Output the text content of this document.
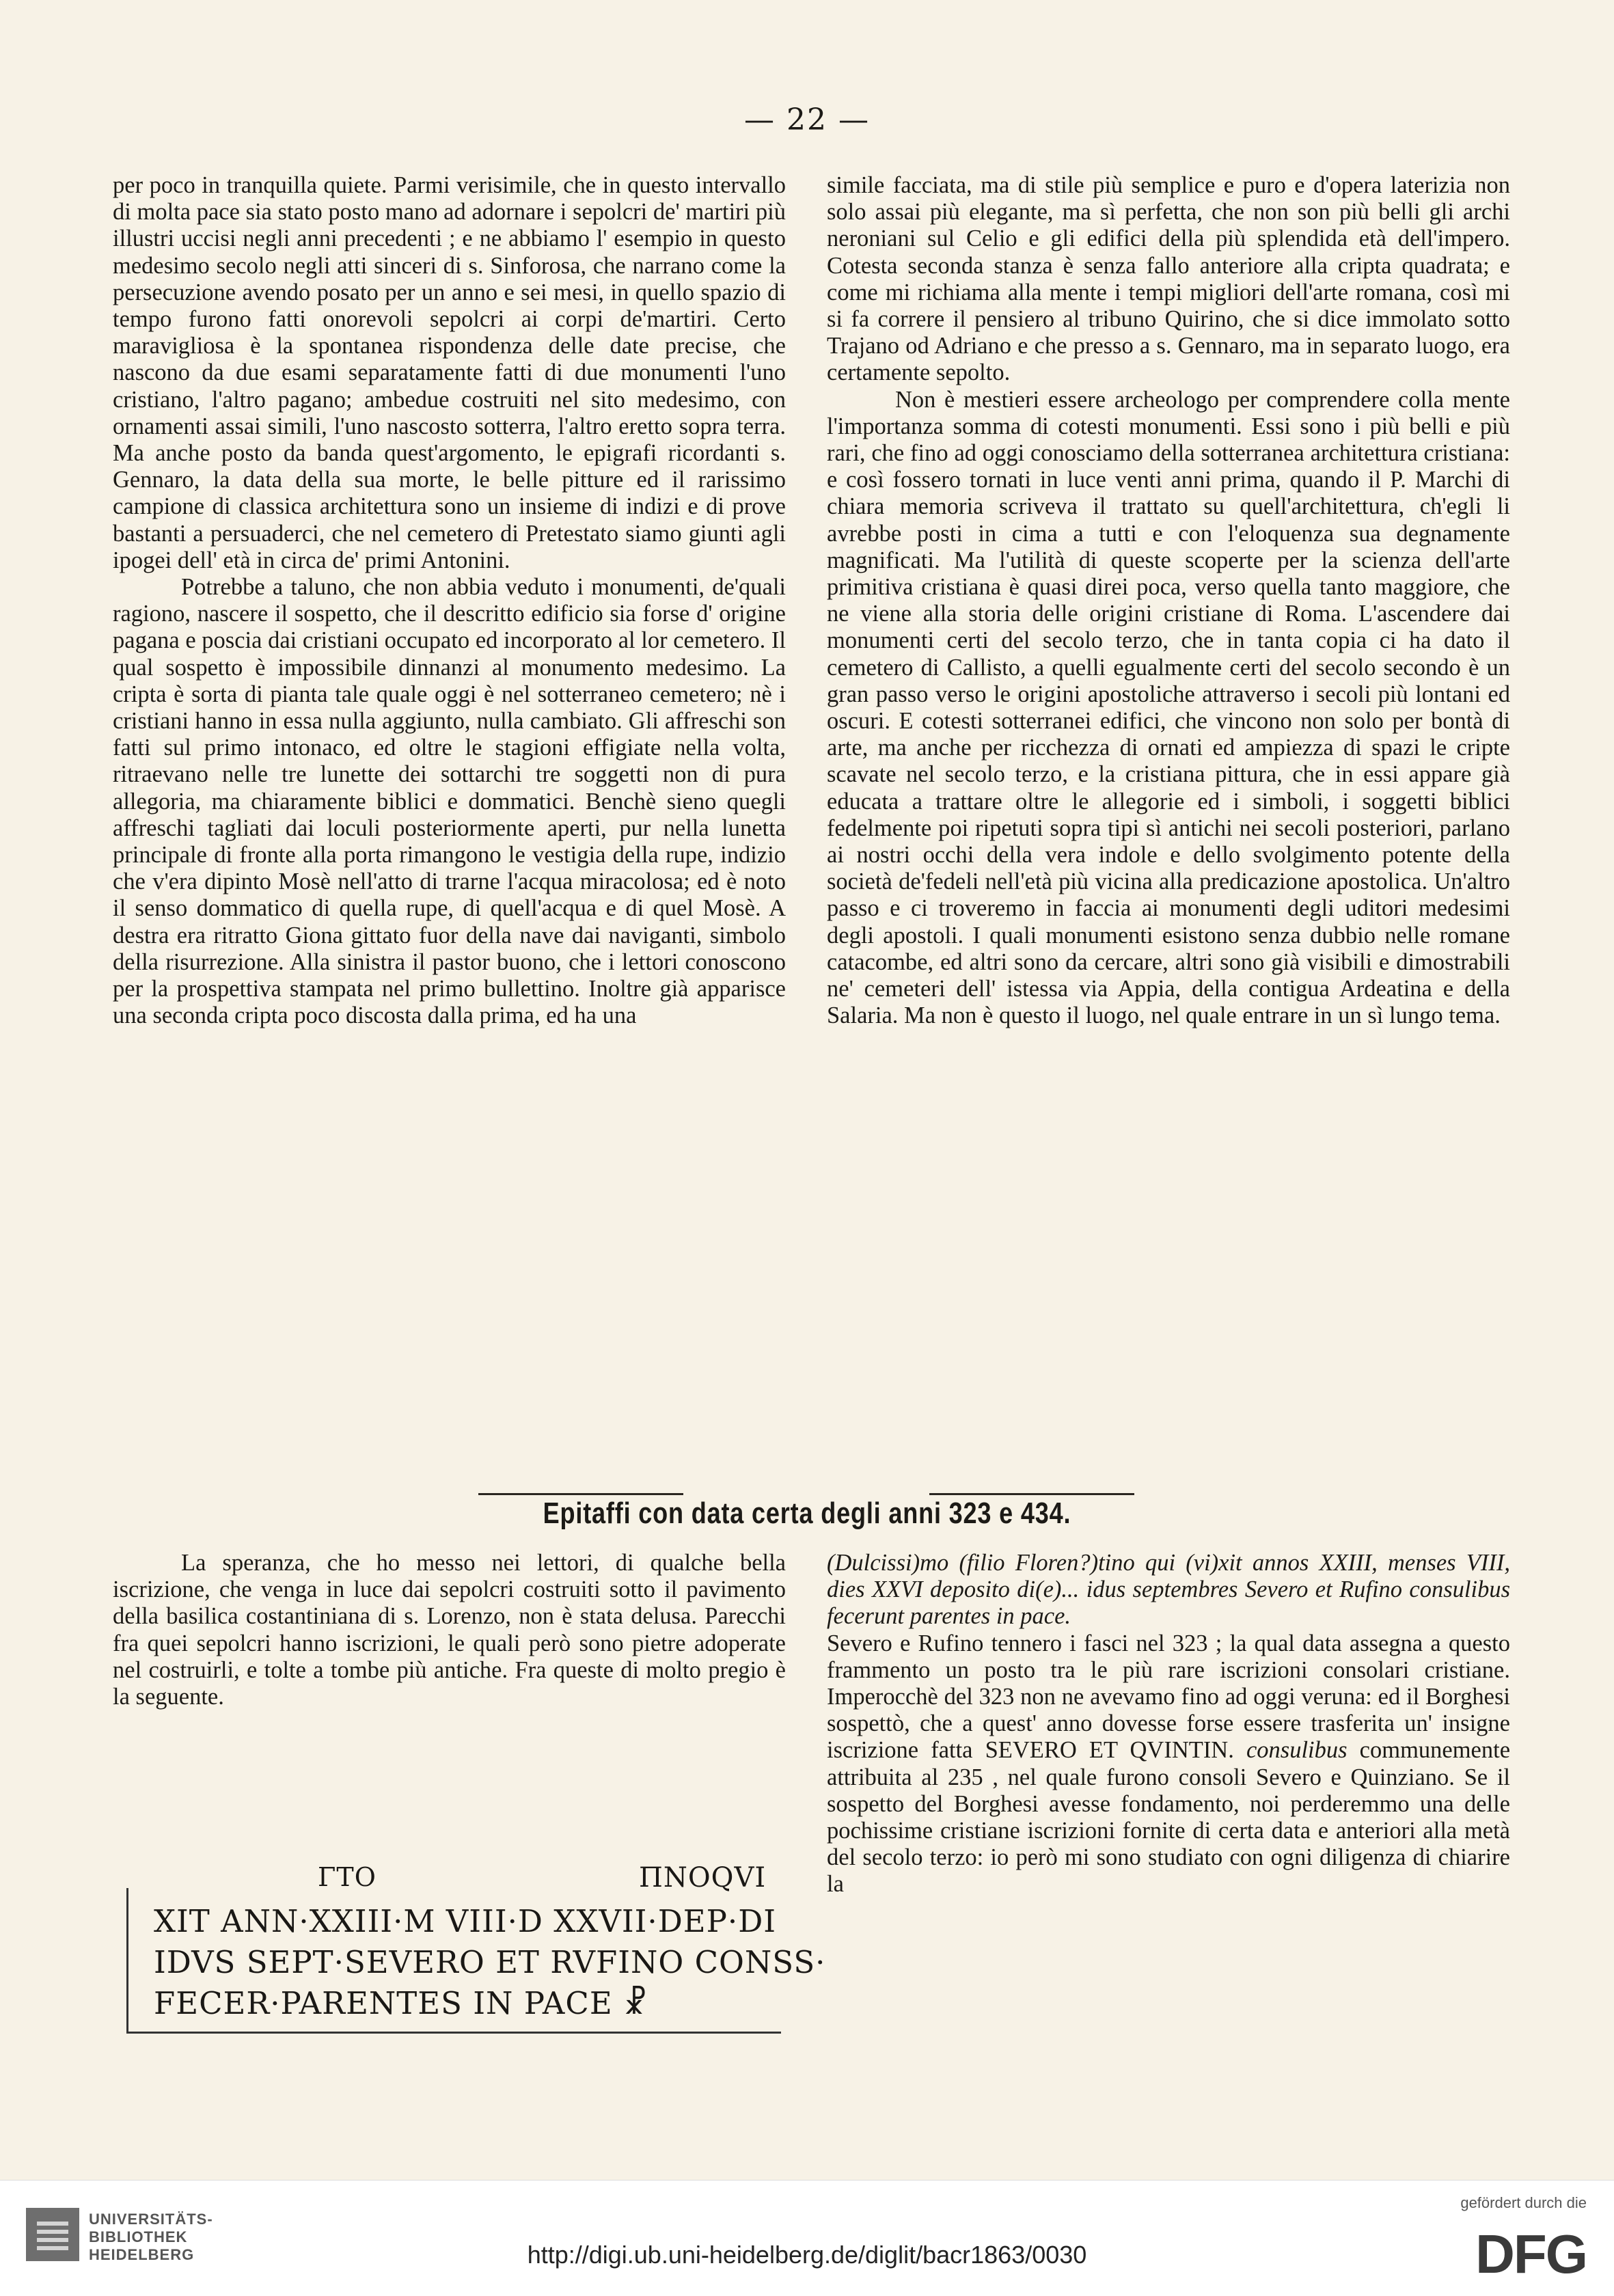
— 22 —

per poco in tranquilla quiete. Parmi verisimile, che in questo intervallo di molta pace sia stato posto mano ad adornare i sepolcri de' martiri più illustri uccisi negli anni precedenti ; e ne abbiamo l' esempio in questo medesimo secolo negli atti sinceri di s. Sinforosa, che narrano come la persecuzione avendo posato per un anno e sei mesi, in quello spazio di tempo furono fatti onorevoli sepolcri ai corpi de'martiri. Certo maravigliosa è la spontanea rispondenza delle date precise, che nascono da due esami separatamente fatti di due monumenti l'uno cristiano, l'altro pagano; ambedue costruiti nel sito medesimo, con ornamenti assai simili, l'uno nascosto sotterra, l'altro eretto sopra terra. Ma anche posto da banda quest'argomento, le epigrafi ricordanti s. Gennaro, la data della sua morte, le belle pitture ed il rarissimo campione di classica architettura sono un insieme di indizi e di prove bastanti a persuaderci, che nel cemetero di Pretestato siamo giunti agli ipogei dell' età in circa de' primi Antonini.

Potrebbe a taluno, che non abbia veduto i monumenti, de'quali ragiono, nascere il sospetto, che il descritto edificio sia forse d' origine pagana e poscia dai cristiani occupato ed incorporato al lor cemetero. Il qual sospetto è impossibile dinnanzi al monumento medesimo. La cripta è sorta di pianta tale quale oggi è nel sotterraneo cemetero; nè i cristiani hanno in essa nulla aggiunto, nulla cambiato. Gli affreschi son fatti sul primo intonaco, ed oltre le stagioni effigiate nella volta, ritraevano nelle tre lunette dei sottarchi tre soggetti non di pura allegoria, ma chiaramente biblici e dommatici. Benchè sieno quegli affreschi tagliati dai loculi posteriormente aperti, pur nella lunetta principale di fronte alla porta rimangono le vestigia della rupe, indizio che v'era dipinto Mosè nell'atto di trarne l'acqua miracolosa; ed è noto il senso dommatico di quella rupe, di quell'acqua e di quel Mosè. A destra era ritratto Giona gittato fuor della nave dai naviganti, simbolo della risurrezione. Alla sinistra il pastor buono, che i lettori conoscono per la prospettiva stampata nel primo bullettino. Inoltre già apparisce una seconda cripta poco discosta dalla prima, ed ha una

simile facciata, ma di stile più semplice e puro e d'opera laterizia non solo assai più elegante, ma sì perfetta, che non son più belli gli archi neroniani sul Celio e gli edifici della più splendida età dell'impero. Cotesta seconda stanza è senza fallo anteriore alla cripta quadrata; e come mi richiama alla mente i tempi migliori dell'arte romana, così mi si fa correre il pensiero al tribuno Quirino, che si dice immolato sotto Trajano od Adriano e che presso a s. Gennaro, ma in separato luogo, era certamente sepolto.

Non è mestieri essere archeologo per comprendere colla mente l'importanza somma di cotesti monumenti. Essi sono i più belli e più rari, che fino ad oggi conosciamo della sotterranea architettura cristiana: e così fossero tornati in luce venti anni prima, quando il P. Marchi di chiara memoria scriveva il trattato su quell'architettura, ch'egli li avrebbe posti in cima a tutti e con l'eloquenza sua degnamente magnificati. Ma l'utilità di queste scoperte per la scienza dell'arte primitiva cristiana è quasi direi poca, verso quella tanto maggiore, che ne viene alla storia delle origini cristiane di Roma. L'ascendere dai monumenti certi del secolo terzo, che in tanta copia ci ha dato il cemetero di Callisto, a quelli egualmente certi del secolo secondo è un gran passo verso le origini apostoliche attraverso i secoli più lontani ed oscuri. E cotesti sotterranei edifici, che vincono non solo per bontà di arte, ma anche per ricchezza di ornati ed ampiezza di spazi le cripte scavate nel secolo terzo, e la cristiana pittura, che in essi appare già educata a trattare oltre le allegorie ed i simboli, i soggetti biblici fedelmente poi ripetuti sopra tipi sì antichi nei secoli posteriori, parlano ai nostri occhi della vera indole e dello svolgimento potente della società de'fedeli nell'età più vicina alla predicazione apostolica. Un'altro passo e ci troveremo in faccia ai monumenti degli uditori medesimi degli apostoli. I quali monumenti esistono senza dubbio nelle romane catacombe, ed altri sono da cercare, altri sono già visibili e dimostrabili ne' cemeteri dell' istessa via Appia, della contigua Ardeatina e della Salaria. Ma non è questo il luogo, nel quale entrare in un sì lungo tema.

Epitaffi con data certa degli anni 323 e 434.

La speranza, che ho messo nei lettori, di qualche bella iscrizione, che venga in luce dai sepolcri costruiti sotto il pavimento della basilica costantiniana di s. Lorenzo, non è stata delusa. Parecchi fra quei sepolcri hanno iscrizioni, le quali però sono pietre adoperate nel costruirli, e tolte a tombe più antiche. Fra queste di molto pregio è la seguente.

ΓΤΟ	ΠNOQVI
XIT ANN·XXIII·M VIII·D XXVII·DEP·DI
IDVS SEPT·SEVERO ET RVFINO CONSS·
FECER·PARENTES IN PACE ☧

(Dulcissi)mo (filio Floren?)tino qui (vi)xit annos XXIII, menses VIII, dies XXVI deposito di(e)... idus septembres Severo et Rufino consulibus fecerunt parentes in pace.

Severo e Rufino tennero i fasci nel 323 ; la qual data assegna a questo frammento un posto tra le più rare iscrizioni consolari cristiane. Imperocchè del 323 non ne avevamo fino ad oggi veruna: ed il Borghesi sospettò, che a quest' anno dovesse forse essere trasferita un' insigne iscrizione fatta SEVERO ET QVINTIN. consulibus communemente attribuita al 235 , nel quale furono consoli Severo e Quinziano. Se il sospetto del Borghesi avesse fondamento, noi perderemmo una delle pochissime cristiane iscrizioni fornite di certa data e anteriori alla metà del secolo terzo: io però mi sono studiato con ogni diligenza di chiarire la

UNIVERSITÄTS-
BIBLIOTHEK
HEIDELBERG	http://digi.ub.uni-heidelberg.de/diglit/bacr1863/0030
gefördert durch die
DFG
